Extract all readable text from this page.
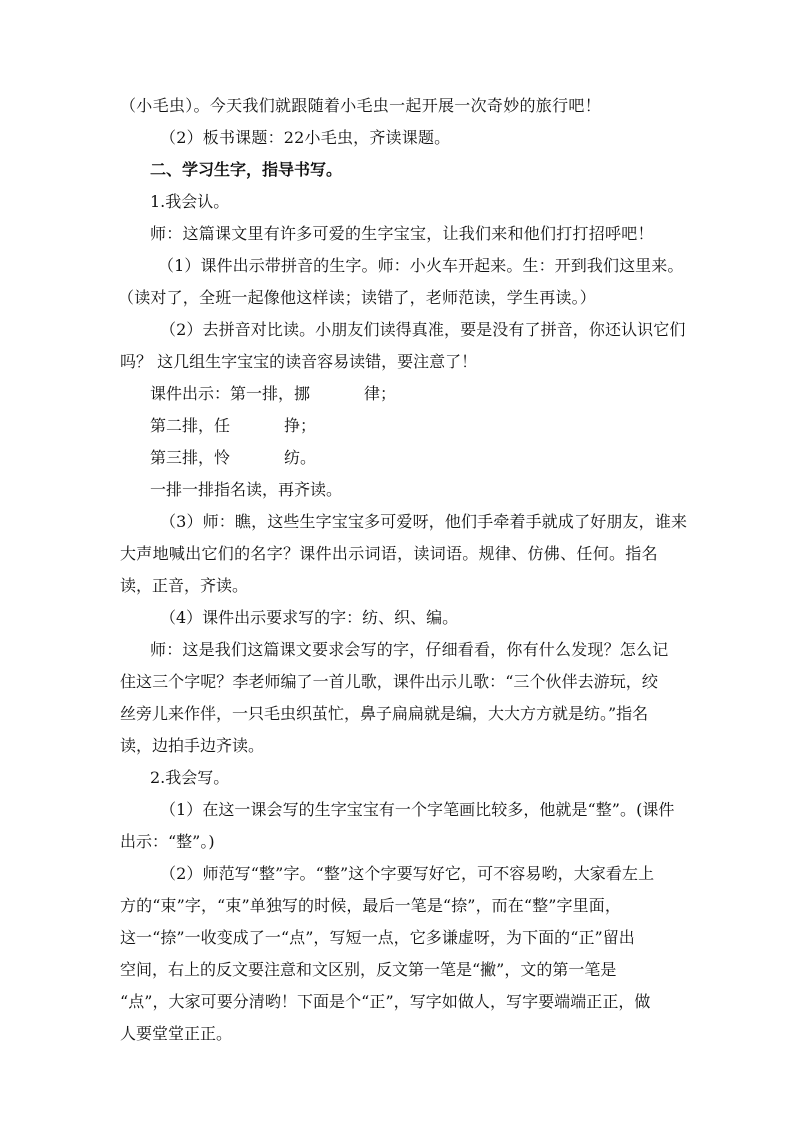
（小毛虫）。今天我们就跟随着小毛虫一起开展一次奇妙的旅行吧！
（2）板书课题：22小毛虫，齐读课题。
二、学习生字，指导书写。
1.我会认。
师：这篇课文里有许多可爱的生字宝宝，让我们来和他们打打招呼吧！
（1）课件出示带拼音的生字。师：小火车开起来。生：开到我们这里来。
（读对了，全班一起像他这样读；读错了，老师范读，学生再读。）
（2）去拼音对比读。小朋友们读得真准，要是没有了拼音，你还认识它们
吗？ 这几组生字宝宝的读音容易读错，要注意了！
课件出示：第一排，挪	律；
第二排，任	挣；
第三排，怜	纺。
一排一排指名读，再齐读。
（3）师：瞧，这些生字宝宝多可爱呀，他们手牵着手就成了好朋友，谁来
大声地喊出它们的名字？课件出示词语，读词语。规律、仿佛、任何。指名
读，正音，齐读。
（4）课件出示要求写的字：纺、织、编。
师：这是我们这篇课文要求会写的字，仔细看看，你有什么发现？怎么记
住这三个字呢？李老师编了一首儿歌，课件出示儿歌：“三个伙伴去游玩，绞
丝旁儿来作伴，一只毛虫织茧忙，鼻子扁扁就是编，大大方方就是纺。”指名
读，边拍手边齐读。
2.我会写。
（1）在这一课会写的生字宝宝有一个字笔画比较多，他就是“整”。(课件
出示：“整”。)
（2）师范写“整”字。“整”这个字要写好它，可不容易哟，大家看左上
方的“束”字，“束”单独写的时候，最后一笔是“捺”，而在“整”字里面，
这一“捺”一收变成了一“点”，写短一点，它多谦虚呀，为下面的“正”留出
空间，右上的反文要注意和文区别，反文第一笔是“撇”，文的第一笔是
“点”，大家可要分清哟！下面是个“正”，写字如做人，写字要端端正正，做
人要堂堂正正。
